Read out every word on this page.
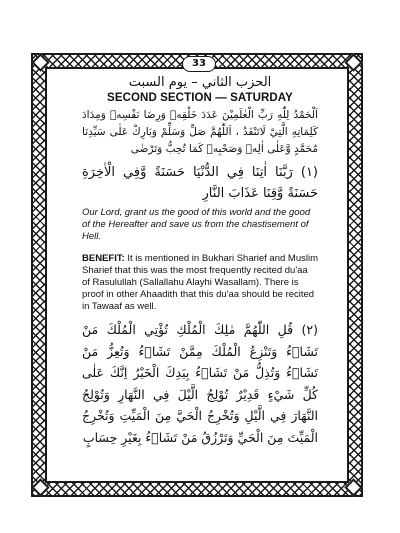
33

الحزب الثاني – يوم السبت

SECOND SECTION — SATURDAY

اَلْحَمْدُ لِلّٰهِ رَبِّ الْعٰلَمِيْنَ عَدَدَ خَلْقِهٖ وَرِضَا نَفْسِهٖ وَمِدَادَ كَلِمَاتِهِ الَّتِيْ لَاتَنْفَدُ ، اَللّٰهُمَّ صَلِّ وَسَلِّمْ وَبَارِكْ عَلٰى سَيِّدِنَا مُحَمَّدٍ وَّعَلٰى اٰلِهٖ وَصَحْبِهٖ كَمَا تُحِبُّ وَتَرْضٰى

(١) رَبَّنَا اٰتِنَا فِي الدُّنْيَا حَسَنَةً وَّفِي الْاٰخِرَةِ حَسَنَةً وَّقِنَا عَذَابَ النَّارِ

Our Lord, grant us the good of this world and the good of the Hereafter and save us from the chastisement of Hell.

BENEFIT: It is mentioned in Bukhari Sharief and Muslim Sharief that this was the most frequently recited du'aa of Rasulullah (Sallallahu Alayhi Wasallam). There is proof in other Ahaadith that this du'aa should be recited in Tawaaf as well.

(٢) قُلِ اللّٰهُمَّ مٰلِكَ الْمُلْكِ تُؤْتِي الْمُلْكَ مَنْ تَشَاۤءُ وَتَنْزِعُ الْمُلْكَ مِمَّنْ تَشَاۤءُ وَتُعِزُّ مَنْ تَشَاۤءُ وَتُذِلُّ مَنْ تَشَاۤءُ بِيَدِكَ الْخَيْرُ اِنَّكَ عَلٰى كُلِّ شَيْءٍ قَدِيْرٌ تُوْلِجُ الَّيْلَ فِي النَّهَارِ وَتُوْلِجُ النَّهَارَ فِي الَّيْلِ وَتُخْرِجُ الْحَيَّ مِنَ الْمَيِّتِ وَتُخْرِجُ الْمَيِّتَ مِنَ الْحَيِّ وَتَرْزُقُ مَنْ تَشَاۤءُ بِغَيْرِ حِسَابٍ
